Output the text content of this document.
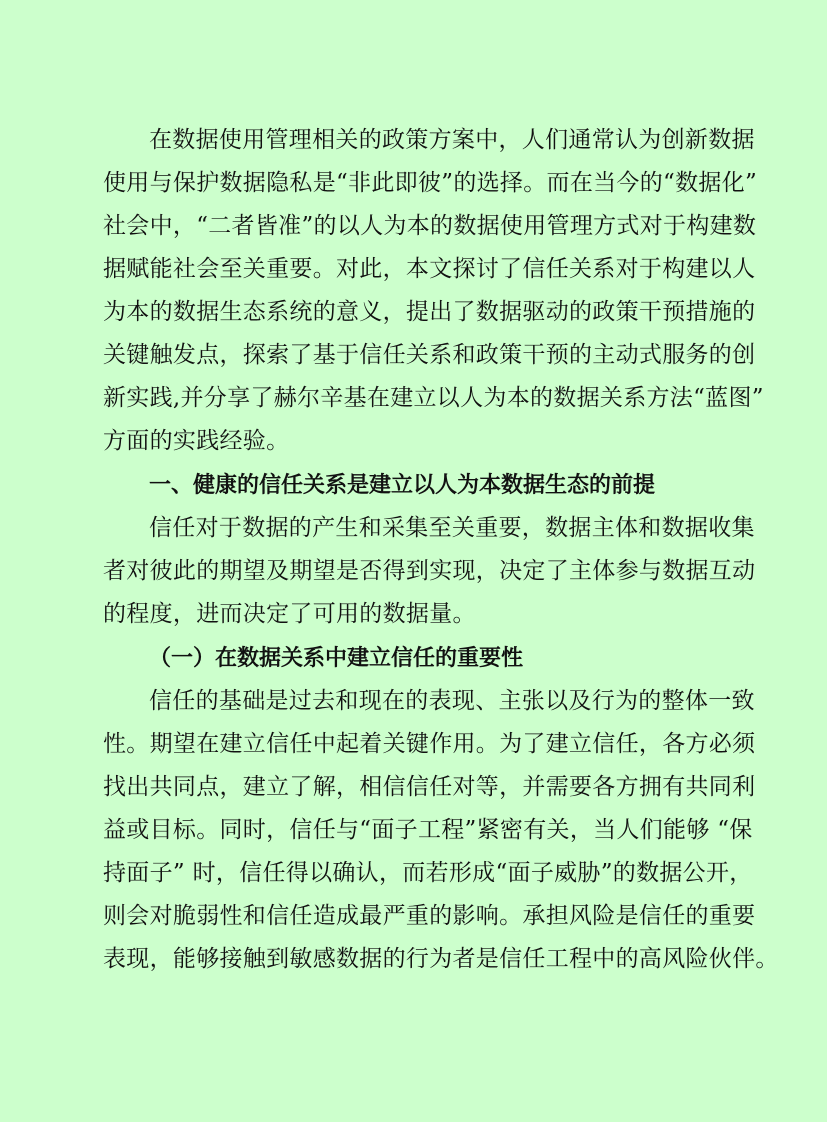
在数据使用管理相关的政策方案中，人们通常认为创新数据
使用与保护数据隐私是“非此即彼”的选择。而在当今的“数据化”
社会中，“二者皆准”的以人为本的数据使用管理方式对于构建数
据赋能社会至关重要。对此，本文探讨了信任关系对于构建以人
为本的数据生态系统的意义，提出了数据驱动的政策干预措施的
关键触发点，探索了基于信任关系和政策干预的主动式服务的创
新实践,并分享了赫尔辛基在建立以人为本的数据关系方法“蓝图”
方面的实践经验。
一、健康的信任关系是建立以人为本数据生态的前提
信任对于数据的产生和采集至关重要，数据主体和数据收集
者对彼此的期望及期望是否得到实现，决定了主体参与数据互动
的程度，进而决定了可用的数据量。
（一）在数据关系中建立信任的重要性
信任的基础是过去和现在的表现、主张以及行为的整体一致
性。期望在建立信任中起着关键作用。为了建立信任，各方必须
找出共同点，建立了解，相信信任对等，并需要各方拥有共同利
益或目标。同时，信任与“面子工程”紧密有关，当人们能够 “保
持面子” 时，信任得以确认，而若形成“面子威胁”的数据公开，
则会对脆弱性和信任造成最严重的影响。承担风险是信任的重要
表现，能够接触到敏感数据的行为者是信任工程中的高风险伙伴。
